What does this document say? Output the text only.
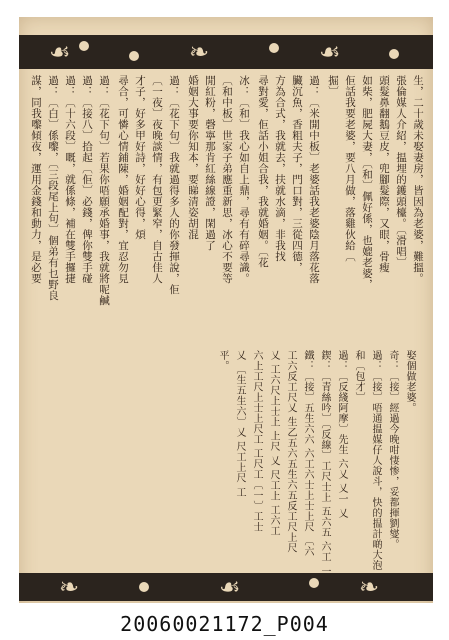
☙	❧	☙
生，二十歲未娶妻房，皆因為老婆，難搵。
張倫媒人介紹，揾埋的鑊頭檯。〔滑唱〕
頭髮鼻翻鵝豆皮，兜腳髮際，又眼，骨瘦
如柴，肥屍大妻，〔和〕佩好係，也媲老婆，
佢話我要老婆，要八月做，落雞伙給〔
掘〕
過：〔米開中板〕老婆話我老婆陰月落花落
臟沉魚，香粗夫子，門口對，三從四德，
方為合式，我就去，扶就水滴，非我找
尋對愛，佢話小姐合我，我就婚姻。〔花
冰：〔和〕我心如自上鼎，尋有有碎尋識。
〔和中板〕世家子弟應重新思，冰心不要等
閒紅粉，磬寧那肯紅絲線證，閑過了
婚姻大事要你知本，要睇清姿胡混
過：〔花下句〕我就過得多人的你發揮說，佢
〔一夜〕夜晚談情，有包更緊窄，自古佳人
才子，好多甲好詩，好好心得，煩
尋合，可憐心情鋪陳，婚姻配對，宜忍勿見
過：〔花下句〕若果你唔願承婚事，我就將呢鹹
過：〔接八〕拾起〔佢〕必錢，俾你雙手碰
過：〔十六段〕嘅，就係條，補在雙手攞捷
過：〔白〕係嚟，〔三段尾上句〕個弟有乜野良
謀，同我嚟傾夜，運用金錢和動力，是必要
❧	☙	❧
娶個做老婆。
奇：〔接〕經過今晚咁悽惨，妥都揮劉燮。
過：〔接〕唔通揾媒仔人說斗，快的揾計啲大泡
和〔包才〕
過：〔反綫阿摩〕先生 六乂 乂一 乂
鍥：〔青絲吟〕〔反線〕工尺士上 五六五 六工 一
鐵：〔接〕五生六六 六工六士上士上尺 〔六
工六反工尺乂 生乙五六五生六五反工尺上尺
乂 工六尺上士上 上尺 乂 尺工上 工六工
六上工尺上士上尺工 工尺工〔一〕工士
乂 〔生五生六〕乂 尺工上尺 工
平。
20060021172_P004
